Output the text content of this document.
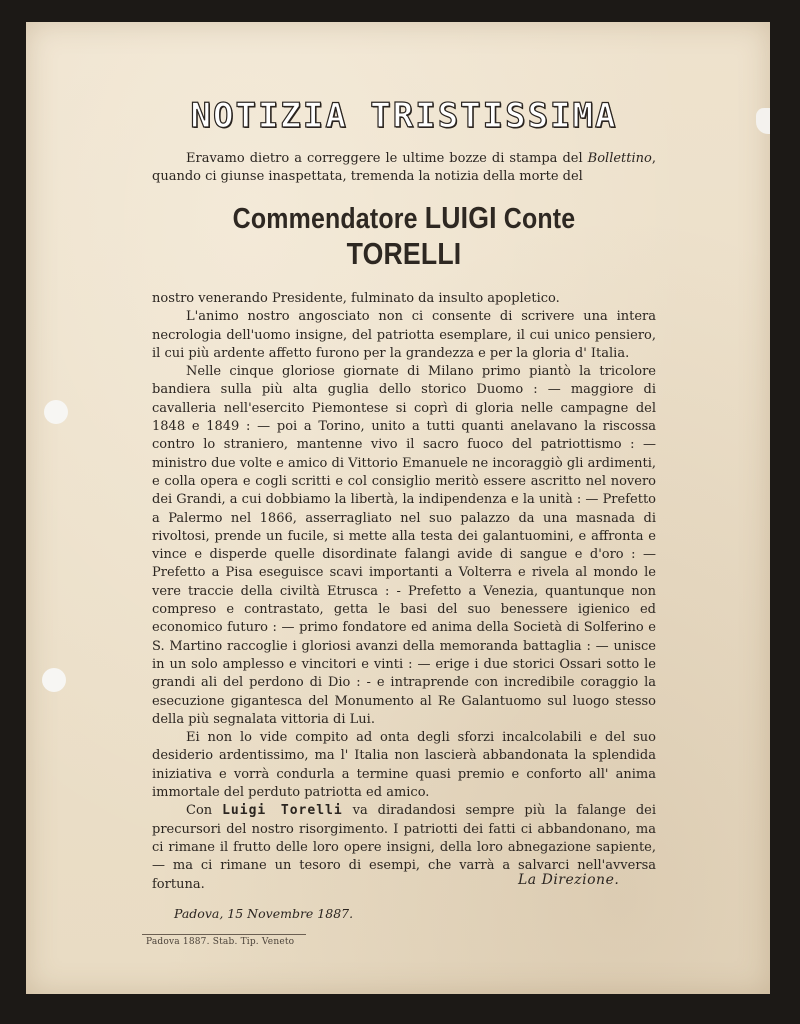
NOTIZIA TRISTISSIMA

Eravamo dietro a correggere le ultime bozze di stampa del Bollettino, quando ci giunse inaspettata, tremenda la notizia della morte del

Commendatore LUIGI Conte TORELLI

nostro venerando Presidente, fulminato da insulto apopletico.

L'animo nostro angosciato non ci consente di scrivere una intera necrologia dell'uomo insigne, del patriotta esemplare, il cui unico pensiero, il cui più ardente affetto furono per la grandezza e per la gloria d' Italia.

Nelle cinque gloriose giornate di Milano primo piantò la tricolore bandiera sulla più alta guglia dello storico Duomo : — maggiore di cavalleria nell'esercito Piemontese si coprì di gloria nelle campagne del 1848 e 1849 : — poi a Torino, unito a tutti quanti anelavano la riscossa contro lo straniero, mantenne vivo il sacro fuoco del patriottismo : — ministro due volte e amico di Vittorio Emanuele ne incoraggiò gli ardimenti, e colla opera e cogli scritti e col consiglio meritò essere ascritto nel novero dei Grandi, a cui dobbiamo la libertà, la indipendenza e la unità : — Prefetto a Palermo nel 1866, asserragliato nel suo palazzo da una masnada di rivoltosi, prende un fucile, si mette alla testa dei galantuomini, e affronta e vince e disperde quelle disordinate falangi avide di sangue e d'oro : — Prefetto a Pisa eseguisce scavi importanti a Volterra e rivela al mondo le vere traccie della civiltà Etrusca : - Prefetto a Venezia, quantunque non compreso e contrastato, getta le basi del suo benessere igienico ed economico futuro : — primo fondatore ed anima della Società di Solferino e S. Martino raccoglie i gloriosi avanzi della memoranda battaglia : — unisce in un solo amplesso e vincitori e vinti : — erige i due storici Ossari sotto le grandi ali del perdono di Dio : - e intraprende con incredibile coraggio la esecuzione gigantesca del Monumento al Re Galantuomo sul luogo stesso della più segnalata vittoria di Lui.

Ei non lo vide compito ad onta degli sforzi incalcolabili e del suo desiderio ardentissimo, ma l' Italia non lascierà abbandonata la splendida iniziativa e vorrà condurla a termine quasi premio e conforto all' anima immortale del perduto patriotta ed amico.

Con Luigi Torelli va diradandosi sempre più la falange dei precursori del nostro risorgimento. I patriotti dei fatti ci abbandonano, ma ci rimane il frutto delle loro opere insigni, della loro abnegazione sapiente, — ma ci rimane un tesoro di esempi, che varrà a salvarci nell'avversa fortuna.

Padova, 15 Novembre 1887.
La Direzione.
Padova 1887. Stab. Tip. Veneto
